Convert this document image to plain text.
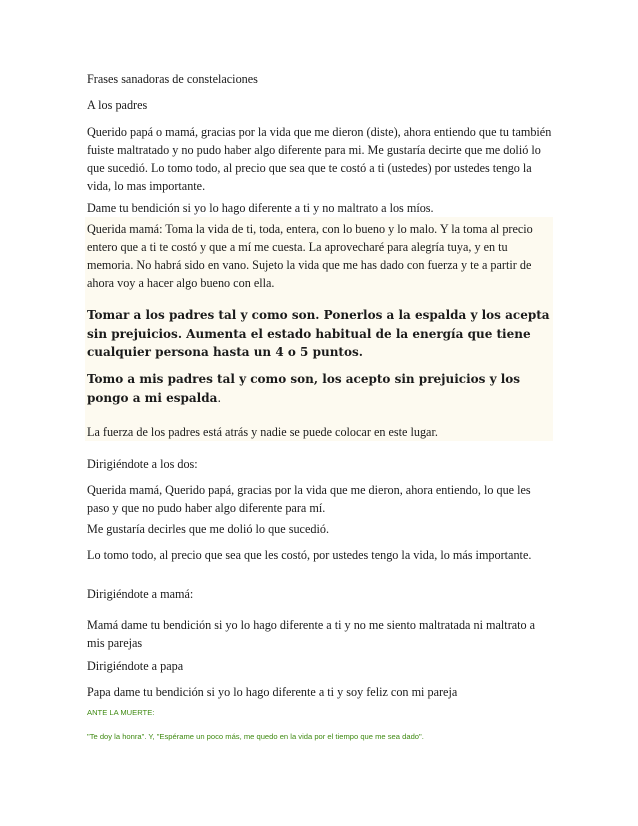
Frases sanadoras de constelaciones

A los padres

Querido papá o mamá, gracias por la vida que me dieron (diste), ahora entiendo que tu también fuiste maltratado y no pudo haber algo diferente para mi. Me gustaría decirte que me dolió lo que sucedió. Lo tomo todo, al precio que sea que te costó a ti (ustedes) por ustedes tengo la vida, lo mas importante.

Dame tu bendición si yo lo hago diferente a ti y no maltrato a los míos.

Querida mamá: Toma la vida de ti, toda, entera, con lo bueno y lo malo. Y la toma al precio entero que a ti te costó y que a mí me cuesta. La aprovecharé para alegría tuya, y en tu memoria. No habrá sido en vano. Sujeto la vida que me has dado con fuerza y te a partir de ahora voy a hacer algo bueno con ella.

Tomar a los padres tal y como son. Ponerlos a la espalda y los acepta sin prejuicios. Aumenta el estado habitual de la energía que tiene cualquier persona hasta un 4 o 5 puntos.

Tomo a mis padres tal y como son, los acepto sin prejuicios y los pongo a mi espalda.

La fuerza de los padres está atrás y nadie se puede colocar en este lugar.

Dirigiéndote a los dos:

Querida mamá, Querido papá, gracias por la vida que me dieron, ahora entiendo, lo que les paso y que no pudo haber algo diferente para mí.

Me gustaría decirles que me dolió lo que sucedió.

Lo tomo todo, al precio que sea que les costó, por ustedes tengo la vida, lo más importante.

Dirigiéndote a mamá:

Mamá dame tu bendición si yo lo hago diferente a ti y no me siento maltratada ni maltrato a mis parejas

Dirigiéndote a papa

Papa dame tu bendición si yo lo hago diferente a ti y soy feliz con mi pareja

ANTE LA MUERTE:

"Te doy la honra". Y, "Espérame un poco más, me quedo en la vida por el tiempo que me sea dado".
